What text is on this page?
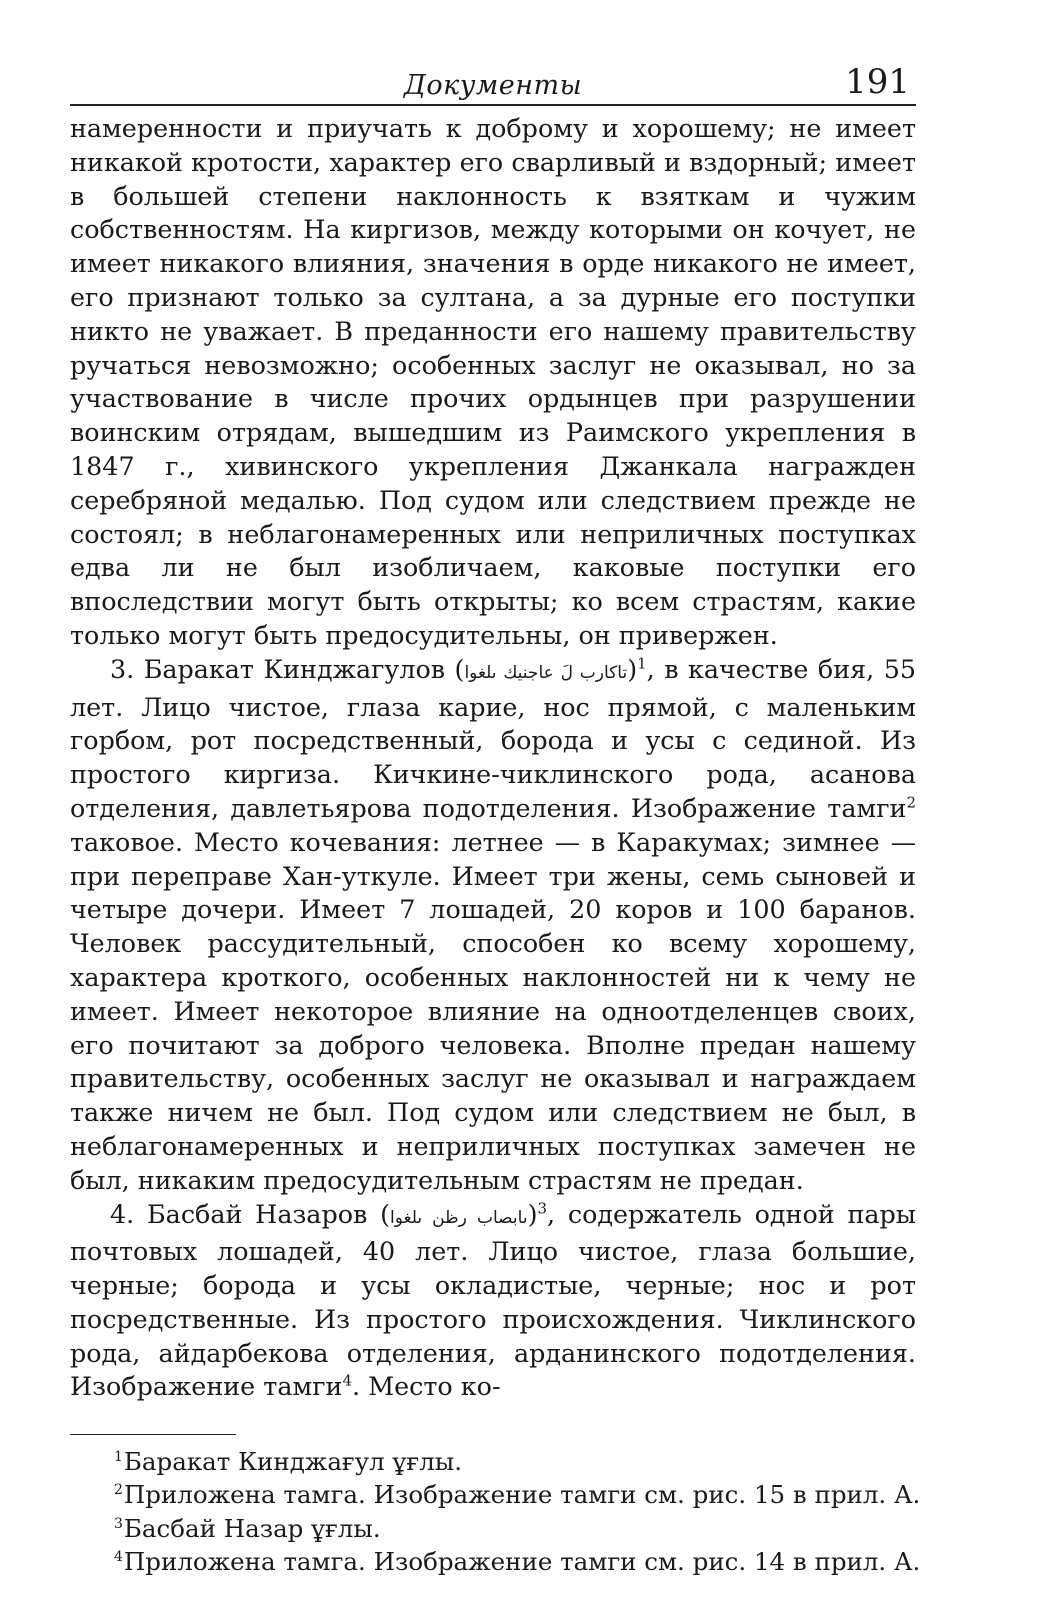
Документы	191

намеренности и приучать к доброму и хорошему; не имеет никакой кротости, характер его сварливый и вздорный; имеет в большей степени наклонность к взяткам и чужим собственностям. На киргизов, между которыми он кочует, не имеет никакого влияния, значения в орде никакого не имеет, его признают только за султана, а за дурные его поступки никто не уважает. В преданности его нашему правительству ручаться невозможно; особенных заслуг не оказывал, но за участвование в числе прочих ордынцев при разрушении воинским отрядам, вышедшим из Раимского укрепления в 1847 г., хивинского укрепления Джанкала награжден серебряной медалью. Под судом или следствием прежде не состоял; в неблагонамеренных или неприличных поступках едва ли не был изобличаем, каковые поступки его впоследствии могут быть открыты; ко всем страстям, какие только могут быть предосудительны, он привержен.

3. Баракат Кинджагулов (تاكارب لَ عاجنيك ىلغوا)$^1$, в качестве бия, 55 лет. Лицо чистое, глаза карие, нос прямой, с маленьким горбом, рот посредственный, борода и усы с сединой. Из простого киргиза. Кичкине-чиклинского рода, асанова отделения, давлетьярова подотделения. Изображение тамги$^2$ таковое. Место кочевания: летнее — в Каракумах; зимнее — при переправе Хан-уткуле. Имеет три жены, семь сыновей и четыре дочери. Имеет 7 лошадей, 20 коров и 100 баранов. Человек рассудительный, способен ко всему хорошему, характера кроткого, особенных наклонностей ни к чему не имеет. Имеет некоторое влияние на одноотделенцев своих, его почитают за доброго человека. Вполне предан нашему правительству, особенных заслуг не оказывал и награждаем также ничем не был. Под судом или следствием не был, в неблагонамеренных и неприличных поступках замечен не был, никаким предосудительным страстям не предан.

4. Басбай Назаров (ىابصاب رظن ىلغوا)$^3$, содержатель одной пары почтовых лошадей, 40 лет. Лицо чистое, глаза большие, черные; борода и усы окладистые, черные; нос и рот посредственные. Из простого происхождения. Чиклинского рода, айдарбекова отделения, арданинского подотделения. Изображение тамги$^4$. Место ко-

$^1$Баракат Кинджағул ұғлы.
$^2$Приложена тамга. Изображение тамги см. рис. 15 в прил. А.
$^3$Басбай Назар ұғлы.
$^4$Приложена тамга. Изображение тамги см. рис. 14 в прил. А.
